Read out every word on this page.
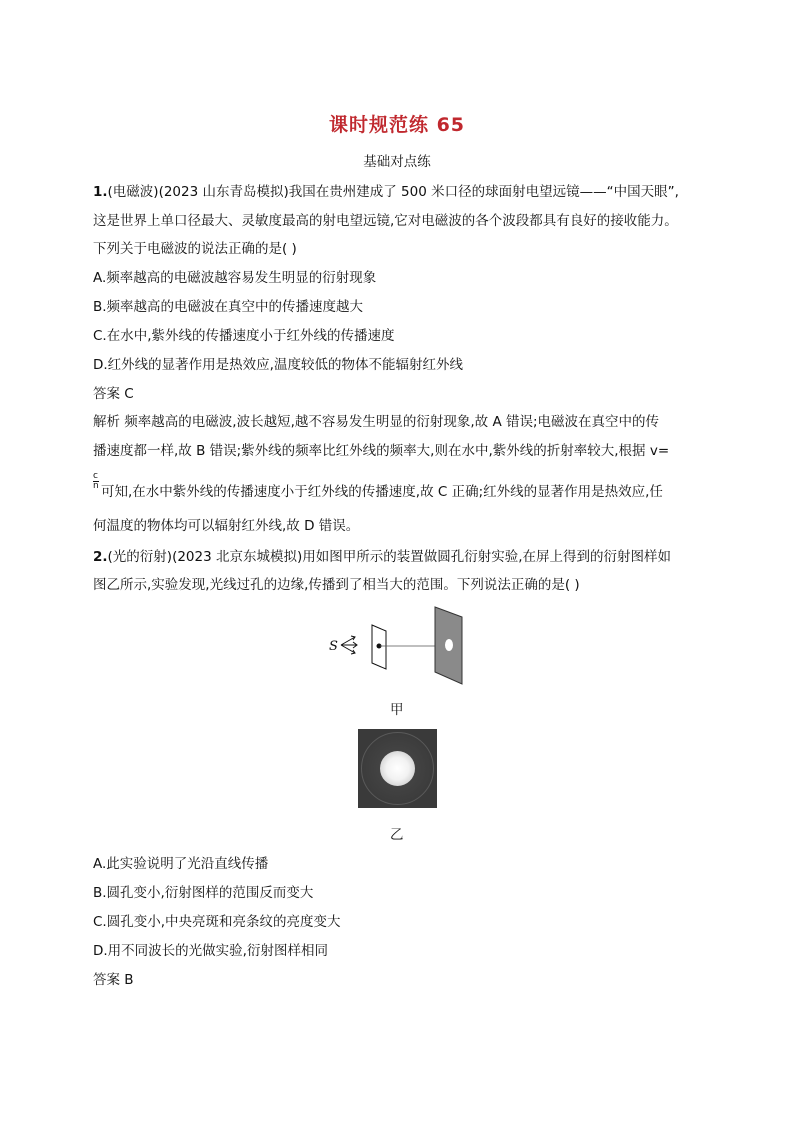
课时规范练 65
基础对点练
1.(电磁波)(2023 山东青岛模拟)我国在贵州建成了 500 米口径的球面射电望远镜——“中国天眼”,
这是世界上单口径最大、灵敏度最高的射电望远镜,它对电磁波的各个波段都具有良好的接收能力。
下列关于电磁波的说法正确的是( )
A.频率越高的电磁波越容易发生明显的衍射现象
B.频率越高的电磁波在真空中的传播速度越大
C.在水中,紫外线的传播速度小于红外线的传播速度
D.红外线的显著作用是热效应,温度较低的物体不能辐射红外线
答案 C
解析 频率越高的电磁波,波长越短,越不容易发生明显的衍射现象,故 A 错误;电磁波在真空中的传
播速度都一样,故 B 错误;紫外线的频率比红外线的频率大,则在水中,紫外线的折射率较大,根据 v=
c
n 可知,在水中紫外线的传播速度小于红外线的传播速度,故 C 正确;红外线的显著作用是热效应,任
何温度的物体均可以辐射红外线,故 D 错误。
2.(光的衍射)(2023 北京东城模拟)用如图甲所示的装置做圆孔衍射实验,在屏上得到的衍射图样如
图乙所示,实验发现,光线过孔的边缘,传播到了相当大的范围。下列说法正确的是( )
S
甲
乙
A.此实验说明了光沿直线传播
B.圆孔变小,衍射图样的范围反而变大
C.圆孔变小,中央亮斑和亮条纹的亮度变大
D.用不同波长的光做实验,衍射图样相同
答案 B
